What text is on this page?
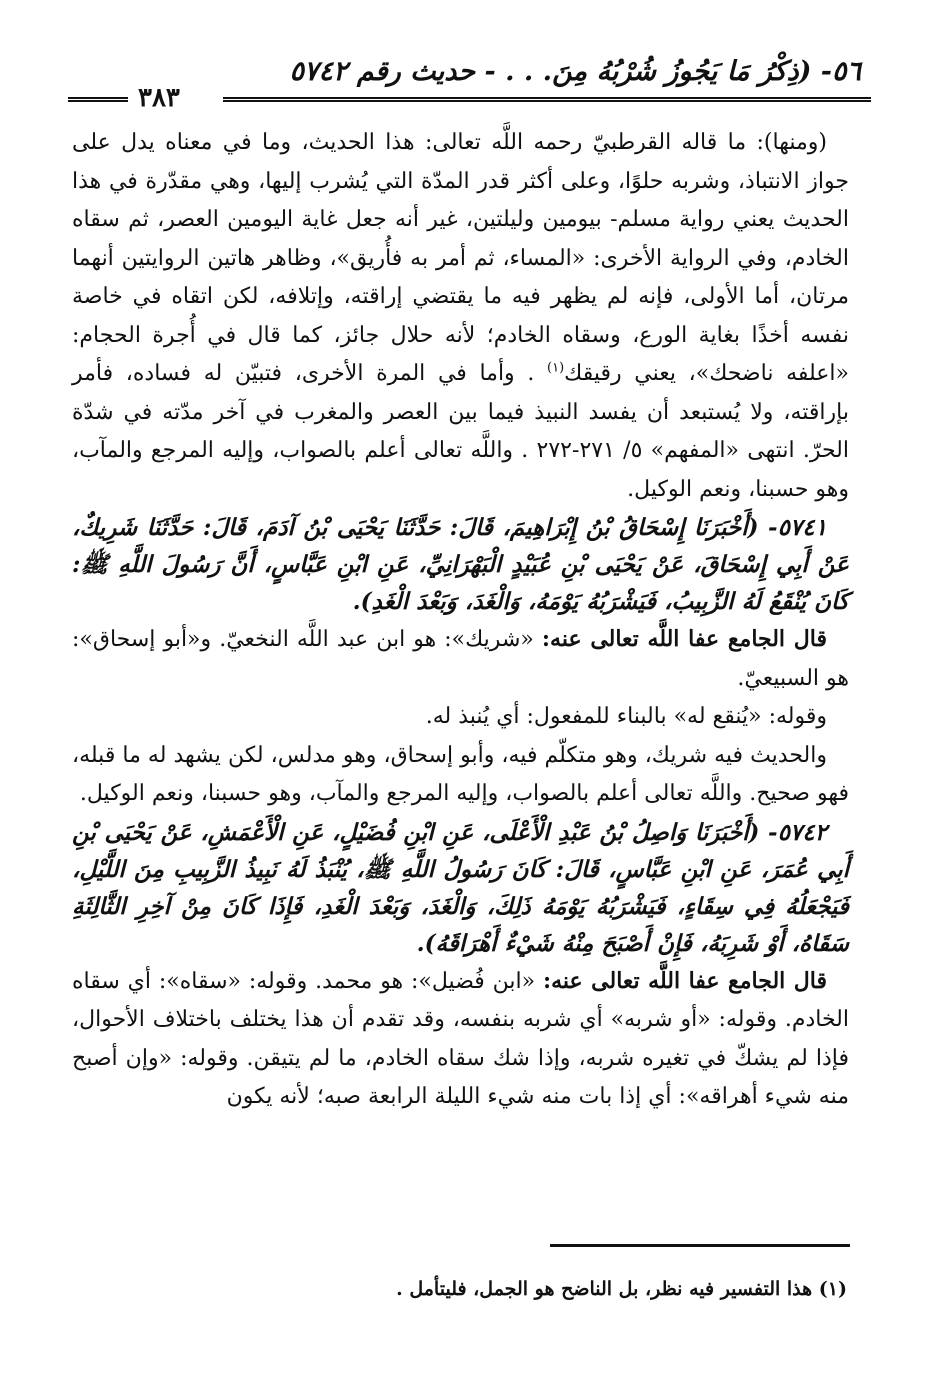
٥٦- (ذِكْرُ مَا يَجُوزُ شُرْبُهُ مِنَ. . . - حديث رقم ٥٧٤٢
٣٨٣

(ومنها): ما قاله القرطبيّ رحمه اللَّه تعالى: هذا الحديث، وما في معناه يدل على جواز الانتباذ، وشربه حلوًا، وعلى أكثر قدر المدّة التي يُشرب إليها، وهي مقدّرة في هذا الحديث يعني رواية مسلم- بيومين وليلتين، غير أنه جعل غاية اليومين العصر، ثم سقاه الخادم، وفي الرواية الأخرى: «المساء، ثم أمر به فأُريق»، وظاهر هاتين الروايتين أنهما مرتان، أما الأولى، فإنه لم يظهر فيه ما يقتضي إراقته، وإتلافه، لكن اتقاه في خاصة نفسه أخذًا بغاية الورع، وسقاه الخادم؛ لأنه حلال جائز، كما قال في أُجرة الحجام: «اعلفه ناضحك»، يعني رقيقك$^{(١)}$ . وأما في المرة الأخرى، فتبيّن له فساده، فأمر بإراقته، ولا يُستبعد أن يفسد النبيذ فيما بين العصر والمغرب في آخر مدّته في شدّة الحرّ. انتهى «المفهم» ٥/ ٢٧١-٢٧٢ . واللَّه تعالى أعلم بالصواب، وإليه المرجع والمآب، وهو حسبنا، ونعم الوكيل.

٥٧٤١- (أَخْبَرَنَا إِسْحَاقُ بْنُ إِبْرَاهِيمَ، قَالَ: حَدَّثَنَا يَحْيَى بْنُ آدَمَ، قَالَ: حَدَّثَنَا شَرِيكٌ، عَنْ أَبِي إِسْحَاقَ، عَنْ يَحْيَى بْنِ عُبَيْدٍ الْبَهْرَانِيِّ، عَنِ ابْنِ عَبَّاسٍ، أَنَّ رَسُولَ اللَّهِ ﷺ: كَانَ يُنْقَعُ لَهُ الزَّبِيبُ، فَيَشْرَبُهُ يَوْمَهُ، وَالْغَدَ، وَبَعْدَ الْغَدِ).

قال الجامع عفا اللَّه تعالى عنه: «شريك»: هو ابن عبد اللَّه النخعيّ. و«أبو إسحاق»: هو السبيعيّ.

وقوله: «يُنقع له» بالبناء للمفعول: أي يُنبذ له.

والحديث فيه شريك، وهو متكلّم فيه، وأبو إسحاق، وهو مدلس، لكن يشهد له ما قبله، فهو صحيح. واللَّه تعالى أعلم بالصواب، وإليه المرجع والمآب، وهو حسبنا، ونعم الوكيل.

٥٧٤٢- (أَخْبَرَنَا وَاصِلُ بْنُ عَبْدِ الْأَعْلَى، عَنِ ابْنِ فُضَيْلٍ، عَنِ الْأَعْمَشِ، عَنْ يَحْيَى بْنِ أَبِي عُمَرَ، عَنِ ابْنِ عَبَّاسٍ، قَالَ: كَانَ رَسُولُ اللَّهِ ﷺ، يُنْبَذُ لَهُ نَبِيذُ الزَّبِيبِ مِنَ اللَّيْلِ، فَيَجْعَلُهُ فِي سِقَاءٍ، فَيَشْرَبُهُ يَوْمَهُ ذَلِكَ، وَالْغَدَ، وَبَعْدَ الْغَدِ، فَإِذَا كَانَ مِنْ آخِرِ الثَّالِثَةِ سَقَاهُ، أَوْ شَرِبَهُ، فَإِنْ أَصْبَحَ مِنْهُ شَيْءٌ أَهْرَاقَهُ).

قال الجامع عفا اللَّه تعالى عنه: «ابن فُضيل»: هو محمد. وقوله: «سقاه»: أي سقاه الخادم. وقوله: «أو شربه» أي شربه بنفسه، وقد تقدم أن هذا يختلف باختلاف الأحوال، فإذا لم يشكّ في تغيره شربه، وإذا شك سقاه الخادم، ما لم يتيقن. وقوله: «وإن أصبح منه شيء أهراقه»: أي إذا بات منه شيء الليلة الرابعة صبه؛ لأنه يكون

(١) هذا التفسير فيه نظر، بل الناضح هو الجمل، فليتأمل .
